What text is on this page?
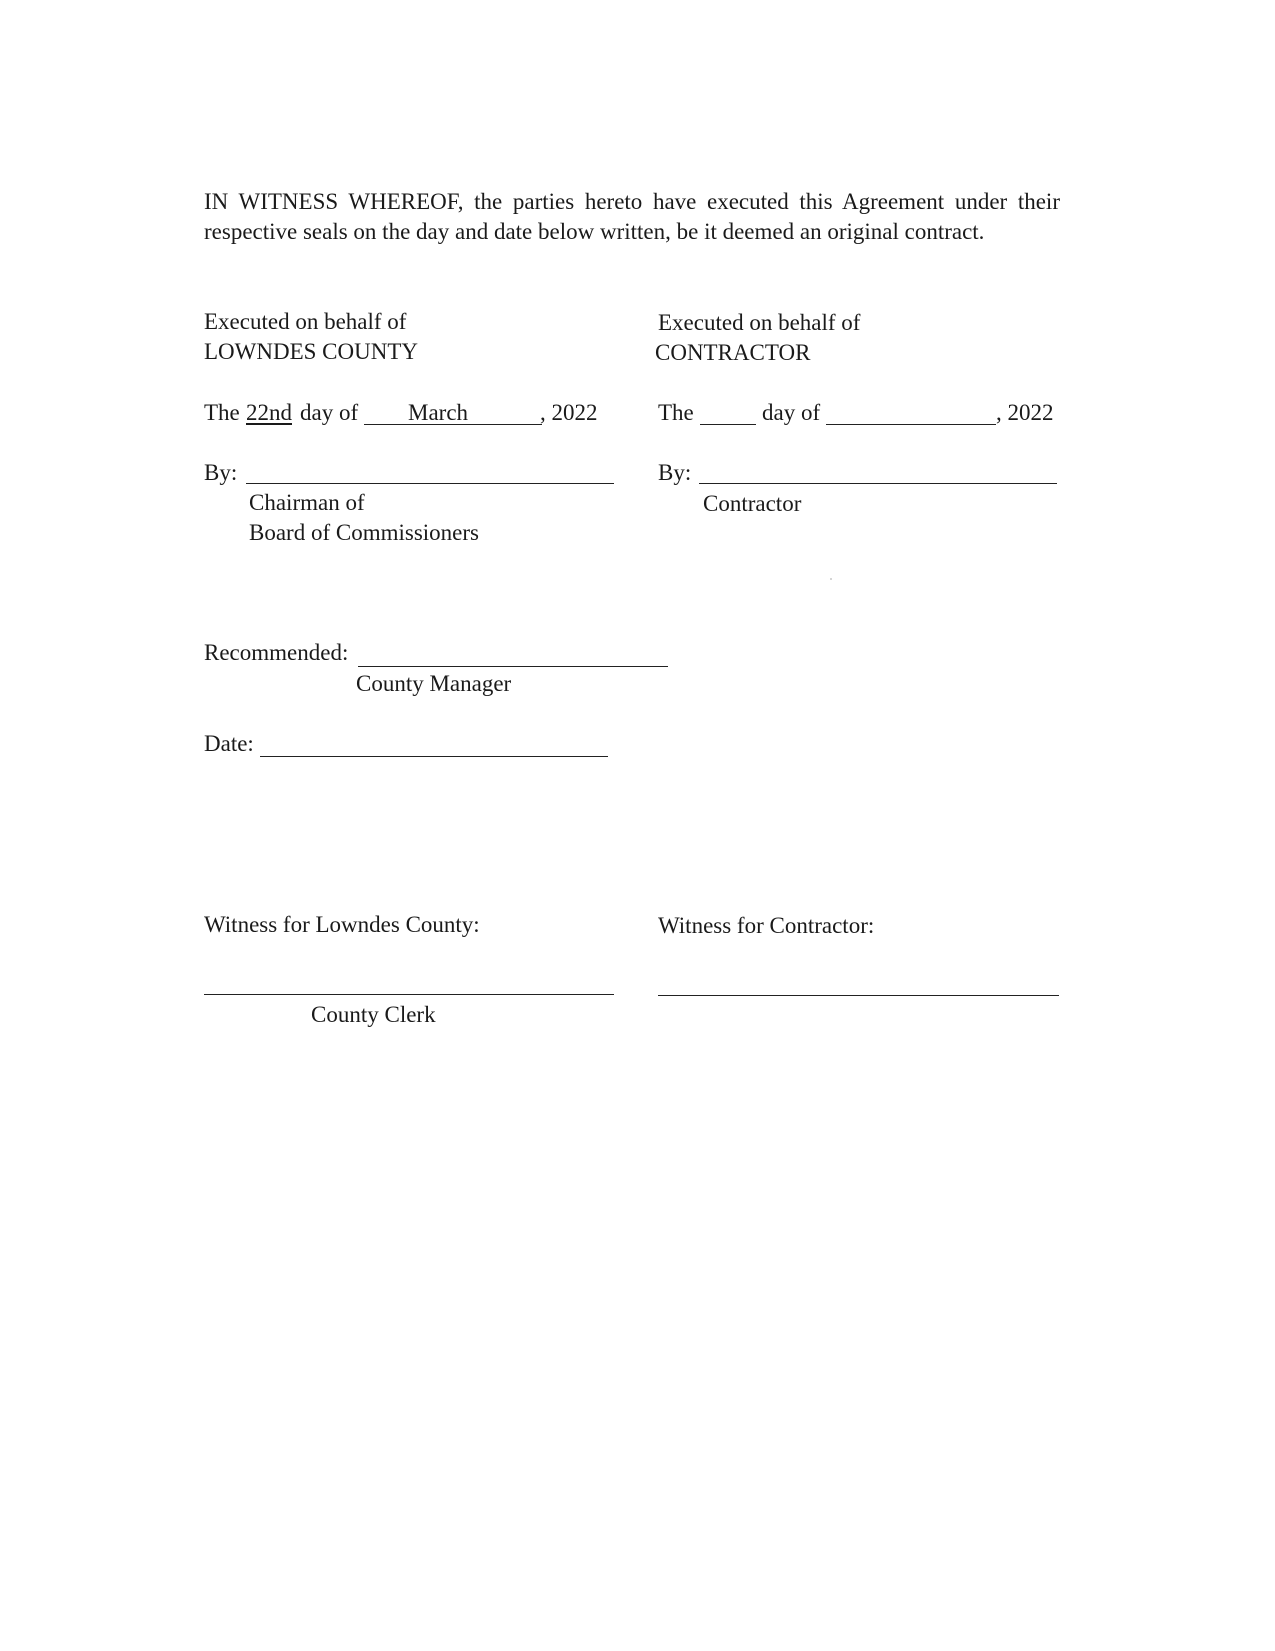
IN WITNESS WHEREOF, the parties hereto have executed this Agreement under their
respective seals on the day and date below written, be it deemed an original contract.
Executed on behalf of
LOWNDES COUNTY
The 22nd day of March	, 2022
By:
Chairman of
Board of Commissioners
Executed on behalf of
CONTRACTOR
The	day of	, 2022
By:
Contractor
Recommended:
County Manager
Date:
Witness for Lowndes County:
County Clerk
Witness for Contractor:
